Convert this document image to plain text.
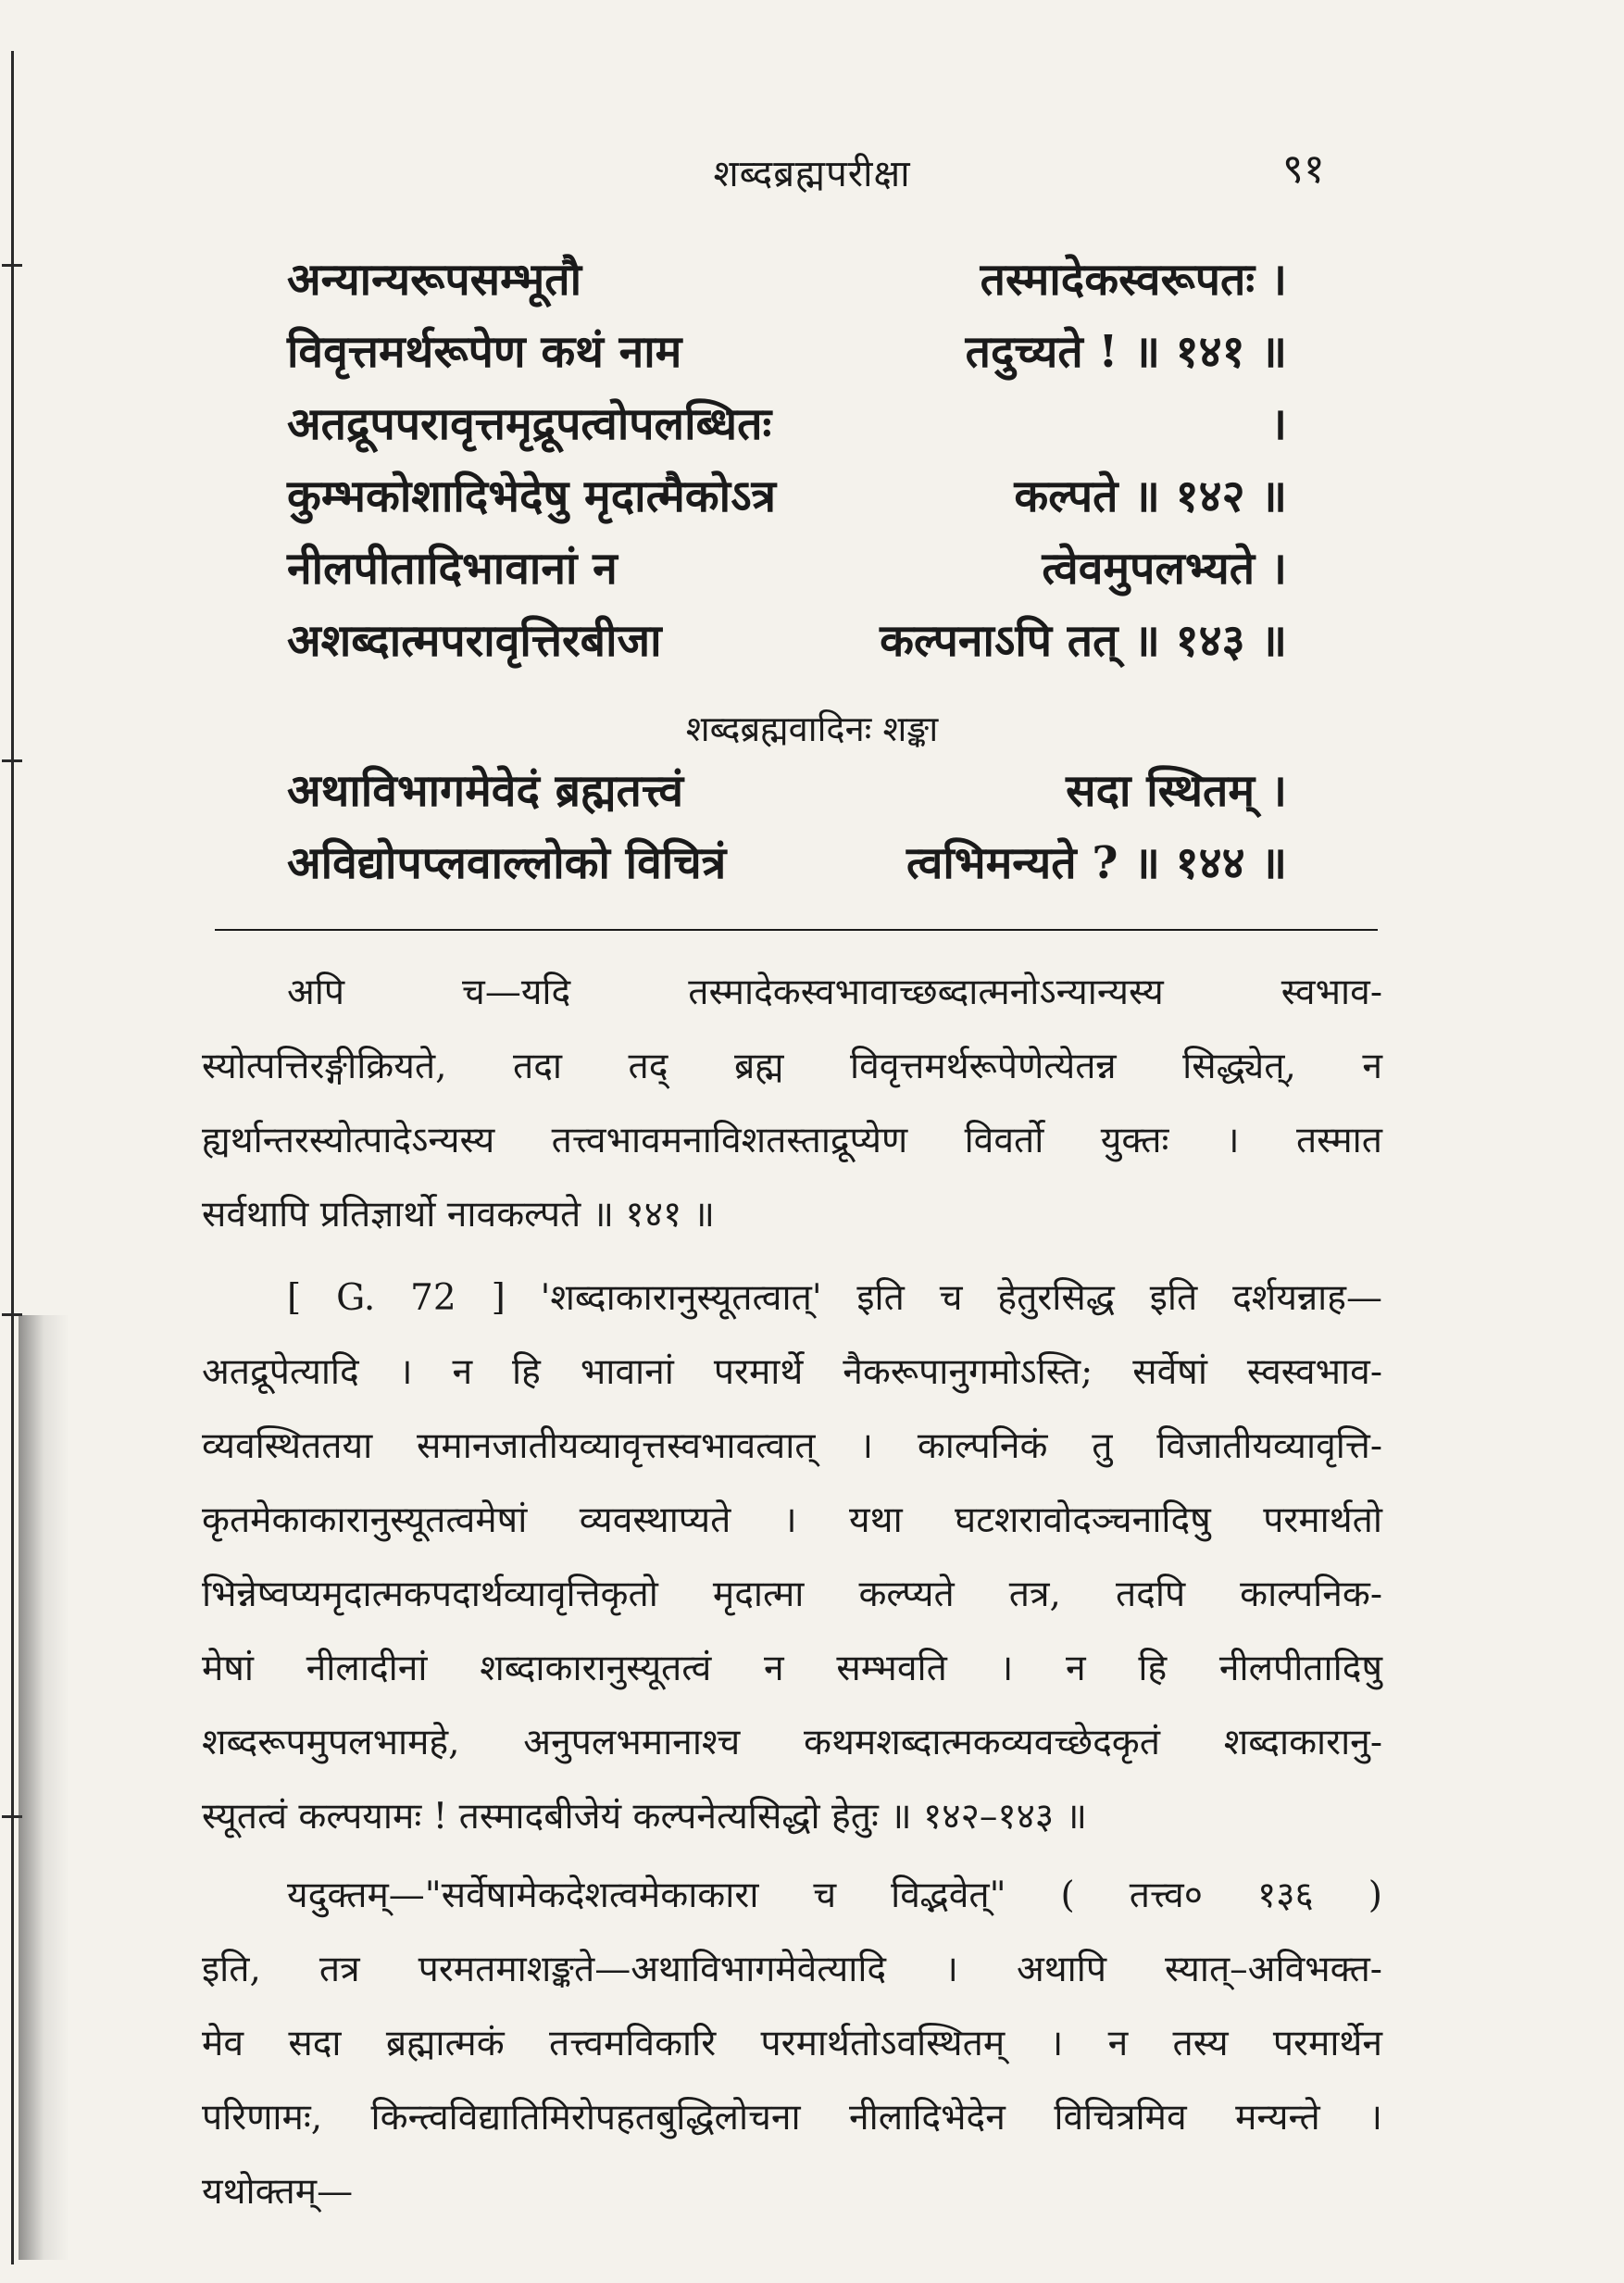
शब्दब्रह्मपरीक्षा	९१
अन्यान्यरूपसम्भूतौ	तस्मादेकस्वरूपतः ।
विवृत्तमर्थरूपेण कथं नाम	तदुच्यते ! ॥ १४१ ॥
अतद्रूपपरावृत्तमृद्रूपत्वोपलब्धितः	।
कुम्भकोशादिभेदेषु मृदात्मैकोऽत्र	कल्पते ॥ १४२ ॥
नीलपीतादिभावानां न	त्वेवमुपलभ्यते ।
अशब्दात्मपरावृत्तिरबीजा	कल्पनाऽपि तत् ॥ १४३ ॥
शब्दब्रह्मवादिनः शङ्का
अथाविभागमेवेदं ब्रह्मतत्त्वं	सदा स्थितम् ।
अविद्योपप्लवाल्लोको विचित्रं	त्वभिमन्यते ? ॥ १४४ ॥
अपि च—यदि तस्मादेकस्वभावाच्छब्दात्मनोऽन्यान्यस्य स्वभाव-
स्योत्पत्तिरङ्गीक्रियते, तदा तद् ब्रह्म विवृत्तमर्थरूपेणेत्येतन्न सिद्ध्येत्, न
ह्यर्थान्तरस्योत्पादेऽन्यस्य तत्त्वभावमनाविशतस्ताद्रूप्येण विवर्तो युक्तः । तस्मात
सर्वथापि प्रतिज्ञार्थो नावकल्पते ॥ १४१ ॥
[ G. 72 ] 'शब्दाकारानुस्यूतत्वात्' इति च हेतुरसिद्ध इति दर्शयन्नाह—
अतद्रूपेत्यादि । न हि भावानां परमार्थे नैकरूपानुगमोऽस्ति; सर्वेषां स्वस्वभाव-
व्यवस्थिततया समानजातीयव्यावृत्तस्वभावत्वात् । काल्पनिकं तु विजातीयव्यावृत्ति-
कृतमेकाकारानुस्यूतत्वमेषां व्यवस्थाप्यते । यथा घटशरावोदञ्चनादिषु परमार्थतो
भिन्नेष्वप्यमृदात्मकपदार्थव्यावृत्तिकृतो मृदात्मा कल्प्यते तत्र, तदपि काल्पनिक-
मेषां नीलादीनां शब्दाकारानुस्यूतत्वं न सम्भवति । न हि नीलपीतादिषु
शब्दरूपमुपलभामहे, अनुपलभमानाश्च कथमशब्दात्मकव्यवच्छेदकृतं शब्दाकारानु-
स्यूतत्वं कल्पयामः ! तस्मादबीजेयं कल्पनेत्यसिद्धो हेतुः ॥ १४२–१४३ ॥
यदुक्तम्—"सर्वेषामेकदेशत्वमेकाकारा च विद्भवेत्" ( तत्त्व० १३६ )
इति, तत्र परमतमाशङ्कते—अथाविभागमेवेत्यादि । अथापि स्यात्–अविभक्त-
मेव सदा ब्रह्मात्मकं तत्त्वमविकारि परमार्थतोऽवस्थितम् । न तस्य परमार्थेन
परिणामः, किन्त्वविद्यातिमिरोपहतबुद्धिलोचना नीलादिभेदेन विचित्रमिव मन्यन्ते ।
यथोक्तम्—
